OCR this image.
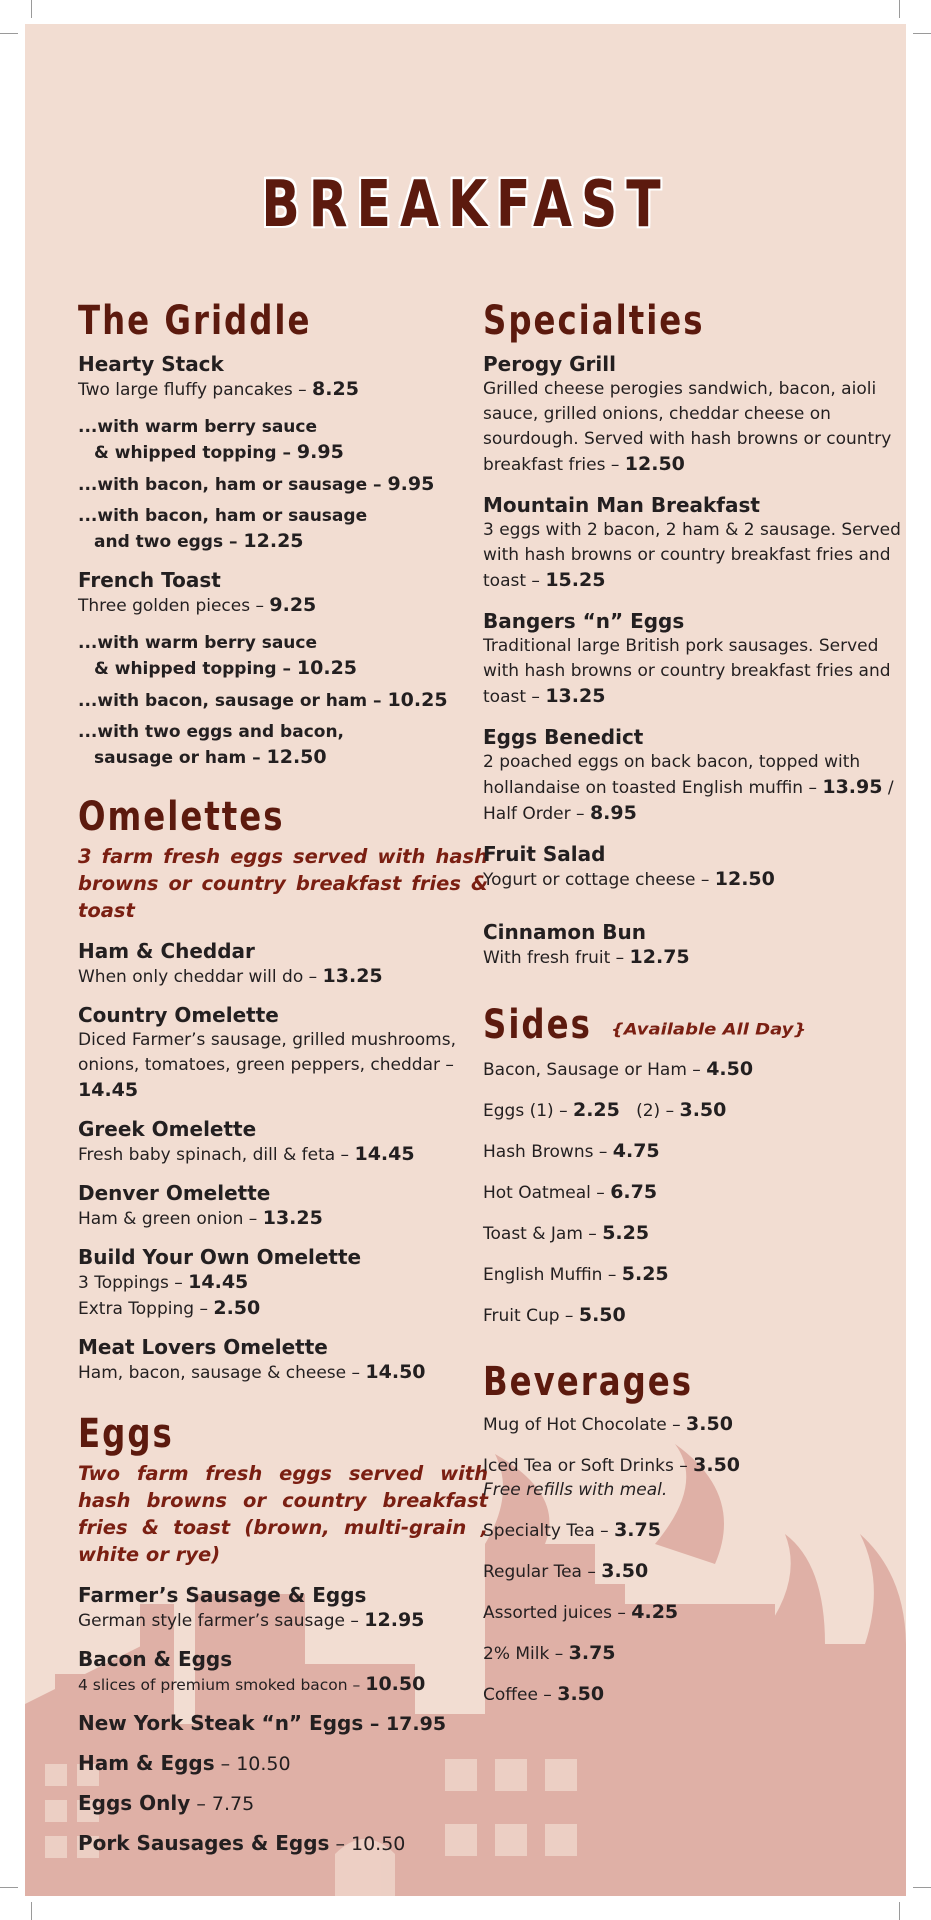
BREAKFAST
The Griddle
Hearty Stack
Two large fluffy pancakes – 8.25
...with warm berry sauce
& whipped topping – 9.95
...with bacon, ham or sausage – 9.95
...with bacon, ham or sausage
and two eggs – 12.25
French Toast
Three golden pieces – 9.25
...with warm berry sauce
& whipped topping – 10.25
...with bacon, sausage or ham – 10.25
...with two eggs and bacon,
sausage or ham – 12.50
Omelettes
3 farm fresh eggs served with hash browns or country breakfast fries & toast
Ham & Cheddar
When only cheddar will do – 13.25
Country Omelette
Diced Farmer’s sausage, grilled mushrooms, onions, tomatoes, green peppers, cheddar – 14.45
Greek Omelette
Fresh baby spinach, dill & feta – 14.45
Denver Omelette
Ham & green onion – 13.25
Build Your Own Omelette
3 Toppings – 14.45
Extra Topping – 2.50
Meat Lovers Omelette
Ham, bacon, sausage & cheese – 14.50
Eggs
Two farm fresh eggs served with hash browns or country breakfast fries & toast (brown, multi-grain , white or rye)
Farmer’s Sausage & Eggs
German style farmer’s sausage – 12.95
Bacon & Eggs
4 slices of premium smoked bacon – 10.50
New York Steak “n” Eggs – 17.95
Ham & Eggs – 10.50
Eggs Only – 7.75
Pork Sausages & Eggs – 10.50
Specialties
Perogy Grill
Grilled cheese perogies sandwich, bacon, aioli sauce, grilled onions, cheddar cheese on sourdough. Served with hash browns or country breakfast fries – 12.50
Mountain Man Breakfast
3 eggs with 2 bacon, 2 ham & 2 sausage. Served with hash browns or country breakfast fries and toast – 15.25
Bangers “n” Eggs
Traditional large British pork sausages. Served with hash browns or country breakfast fries and toast – 13.25
Eggs Benedict
2 poached eggs on back bacon, topped with hollandaise on toasted English muffin – 13.95 / Half Order – 8.95
Fruit Salad
Yogurt or cottage cheese – 12.50
Cinnamon Bun
With fresh fruit – 12.75
Sides {Available All Day}
Bacon, Sausage or Ham – 4.50
Eggs (1) – 2.25   (2) – 3.50
Hash Browns – 4.75
Hot Oatmeal – 6.75
Toast & Jam – 5.25
English Muffin – 5.25
Fruit Cup – 5.50
Beverages
Mug of Hot Chocolate – 3.50
Iced Tea or Soft Drinks – 3.50
Free refills with meal.
Specialty Tea – 3.75
Regular Tea – 3.50
Assorted juices – 4.25
2% Milk – 3.75
Coffee – 3.50
